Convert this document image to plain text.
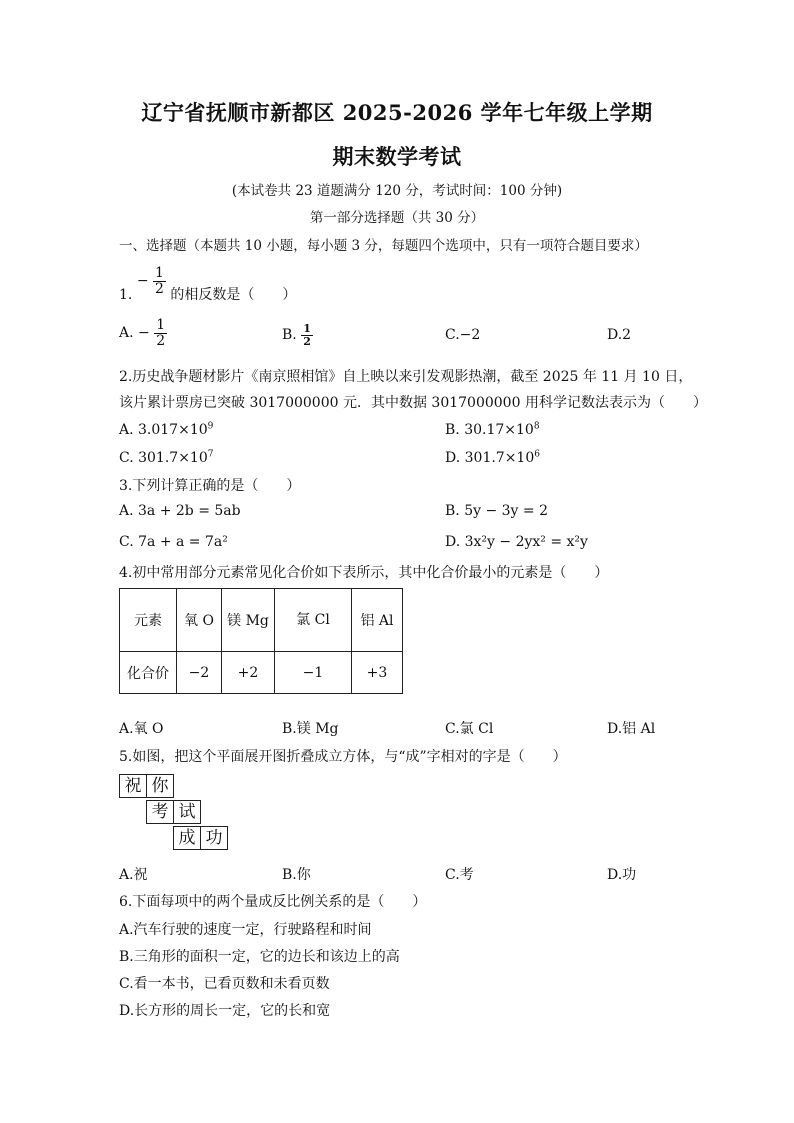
辽宁省抚顺市新都区 2025-2026 学年七年级上学期
期末数学考试
(本试卷共 23 道题满分 120 分，考试时间：100 分钟)
第一部分选择题（共 30 分）
一、选择题（本题共 10 小题，每小题 3 分，每题四个选项中，只有一项符合题目要求）
1. − $\frac{1}{2}$ 的相反数是（　　）
A. − $\frac{1}{2}$	B. $\frac{1}{2}$	C.−2	D.2
2.历史战争题材影片《南京照相馆》自上映以来引发观影热潮，截至 2025 年 11 月 10 日，
该片累计票房已突破 3017000000 元．其中数据 3017000000 用科学记数法表示为（　　）
A. $3.017\times 10^9$	B. $30.17\times 10^8$
C. $301.7\times 10^7$	D. $301.7\times 10^6$
3.下列计算正确的是（　　）
A. 3a + 2b = 5ab	B. 5y − 3y = 2
C. 7a + a = 7a²	D. 3x²y − 2yx² = x²y
4.初中常用部分元素常见化合价如下表所示，其中化合价最小的元素是（　　）
元素	氧 O	镁 Mg	氯 Cl	铝 Al
化合价	−2	+2	−1	+3
A.氧 O	B.镁 Mg	C.氯 Cl	D.铝 Al
5.如图，把这个平面展开图折叠成立方体，与“成”字相对的字是（　　）
祝 你
考 试
成 功
A.祝	B.你	C.考	D.功
6.下面每项中的两个量成反比例关系的是（　　）
A.汽车行驶的速度一定，行驶路程和时间
B.三角形的面积一定，它的边长和该边上的高
C.看一本书，已看页数和未看页数
D.长方形的周长一定，它的长和宽
